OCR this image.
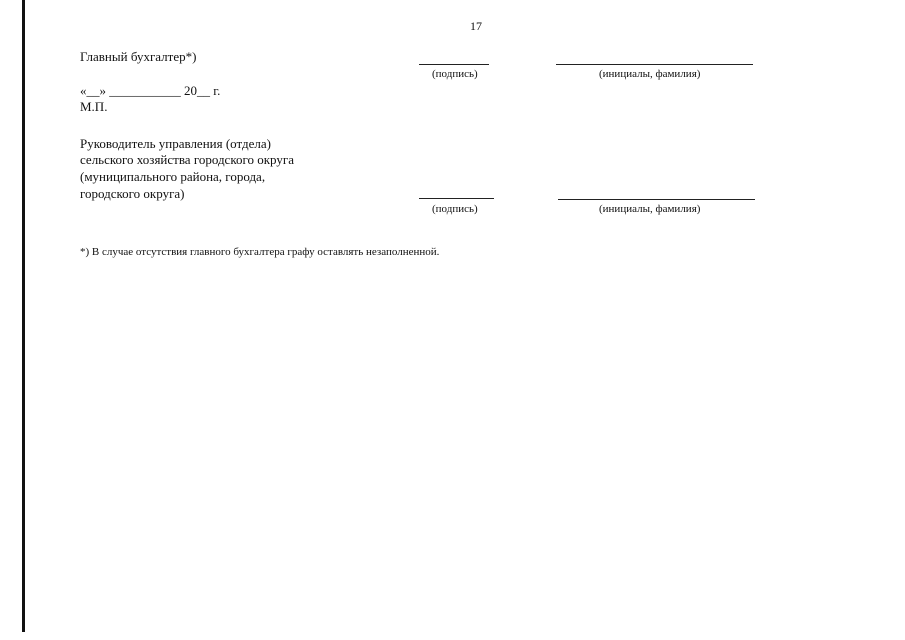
17
Главный бухгалтер*)
(подпись)	(инициалы, фамилия)
«__» ___________ 20__ г.
М.П.
Руководитель управления (отдела)
сельского хозяйства городского округа
(муниципального района, города,
городского округа)
(подпись)	(инициалы, фамилия)
*) В случае отсутствия главного бухгалтера графу оставлять незаполненной.
